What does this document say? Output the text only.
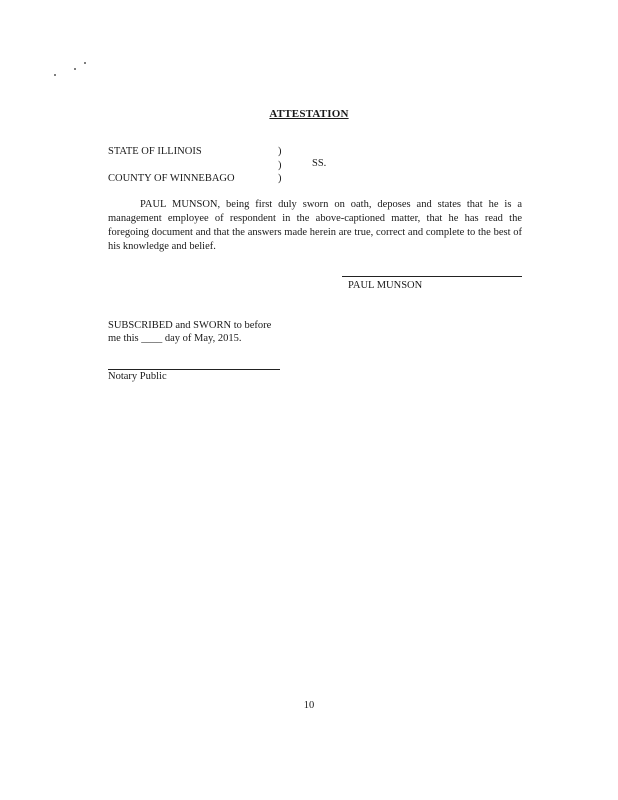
ATTESTATION
STATE OF ILLINOIS	)
)	SS.
COUNTY OF WINNEBAGO	)

PAUL MUNSON, being first duly sworn on oath, deposes and states that he is a management employee of respondent in the above-captioned matter, that he has read the foregoing document and that the answers made herein are true, correct and complete to the best of his knowledge and belief.

PAUL MUNSON
SUBSCRIBED and SWORN to before
me this ____ day of May, 2015.
Notary Public
10
